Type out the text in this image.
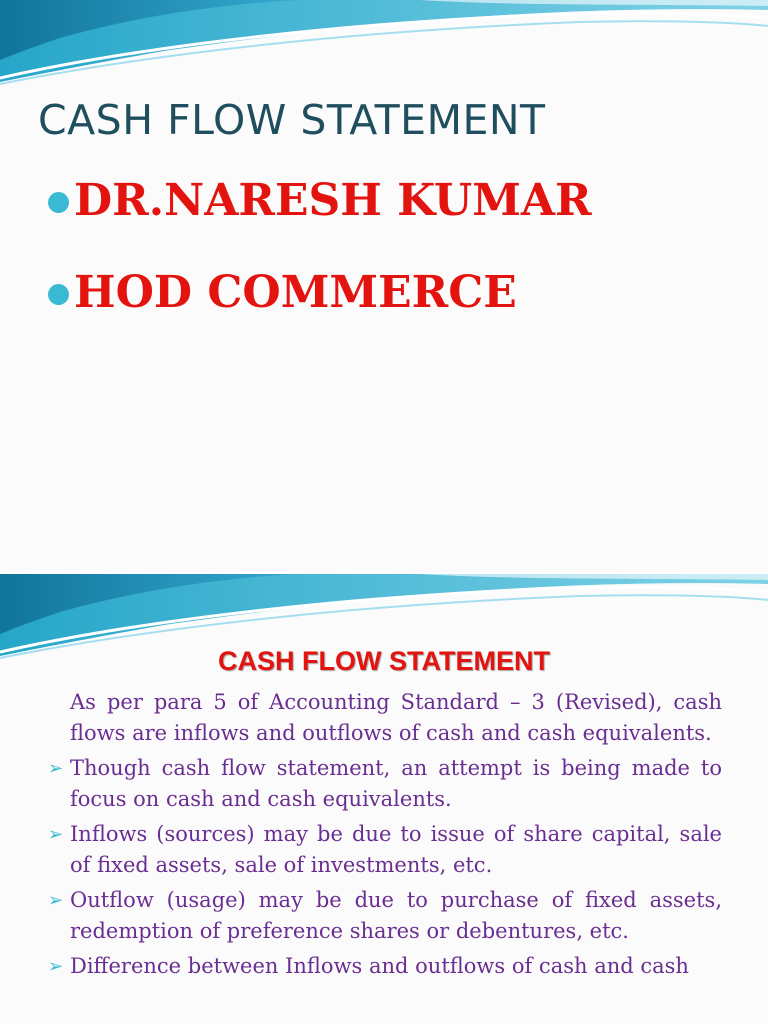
CASH FLOW STATEMENT
DR.NARESH KUMAR
HOD COMMERCE
CASH FLOW STATEMENT

As per para 5 of Accounting Standard – 3 (Revised), cash flows are inflows and outflows of cash and cash equivalents.

➢ Though cash flow statement, an attempt is being made to focus on cash and cash equivalents.
➢ Inflows (sources) may be due to issue of share capital, sale of fixed assets, sale of investments, etc.
➢ Outflow (usage) may be due to purchase of fixed assets, redemption of preference shares or debentures, etc.
➢ Difference between Inflows and outflows of cash and cash
